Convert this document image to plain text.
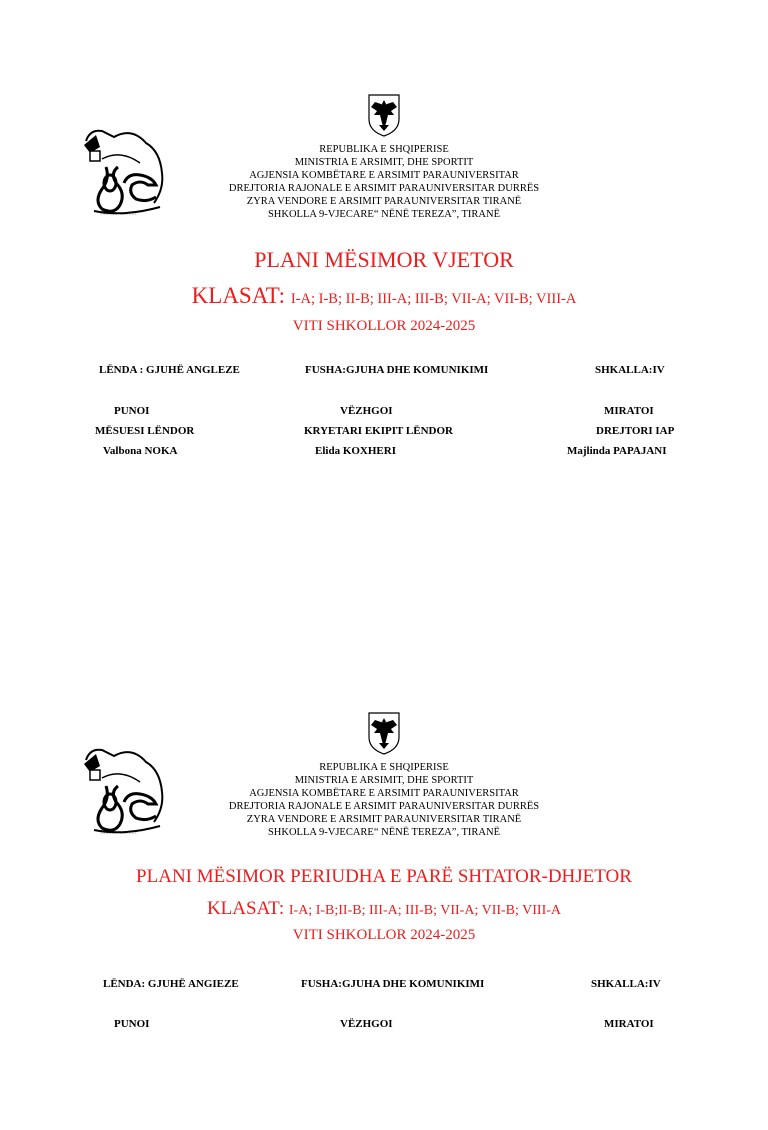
◦◦◦◦◦◦ ◦◦◦◦◦◦
REPUBLIKA E SHQIPERISE
MINISTRIA E ARSIMIT, DHE SPORTIT
AGJENSIA KOMBËTARE E ARSIMIT PARAUNIVERSITAR
DREJTORIA RAJONALE E ARSIMIT PARAUNIVERSITAR DURRËS
ZYRA VENDORE E ARSIMIT PARAUNIVERSITAR TIRANË
SHKOLLA 9-VJECARE“ NËNË TEREZA”, TIRANË
PLANI MËSIMOR VJETOR
KLASAT: I-A; I-B; II-B; III-A; III-B; VII-A; VII-B; VIII-A
VITI SHKOLLOR 2024-2025
LËNDA : GJUHË ANGLEZE	FUSHA:GJUHA DHE KOMUNIKIMI	SHKALLA:IV
PUNOI	VËZHGOI	MIRATOI
MËSUESI LËNDOR	KRYETARI EKIPIT LËNDOR	DREJTORI IAP
Valbona NOKA	Elida KOXHERI	Majlinda PAPAJANI
◦◦◦◦◦◦ ◦◦◦◦◦◦
REPUBLIKA E SHQIPERISE
MINISTRIA E ARSIMIT, DHE SPORTIT
AGJENSIA KOMBËTARE E ARSIMIT PARAUNIVERSITAR
DREJTORIA RAJONALE E ARSIMIT PARAUNIVERSITAR DURRËS
ZYRA VENDORE E ARSIMIT PARAUNIVERSITAR TIRANË
SHKOLLA 9-VJECARE“ NËNË TEREZA”, TIRANË
PLANI MËSIMOR PERIUDHA E PARË SHTATOR-DHJETOR
KLASAT: I-A; I-B;II-B; III-A; III-B; VII-A; VII-B; VIII-A
VITI SHKOLLOR 2024-2025
LËNDA: GJUHË ANGIEZE	FUSHA:GJUHA DHE KOMUNIKIMI	SHKALLA:IV
PUNOI	VËZHGOI	MIRATOI
